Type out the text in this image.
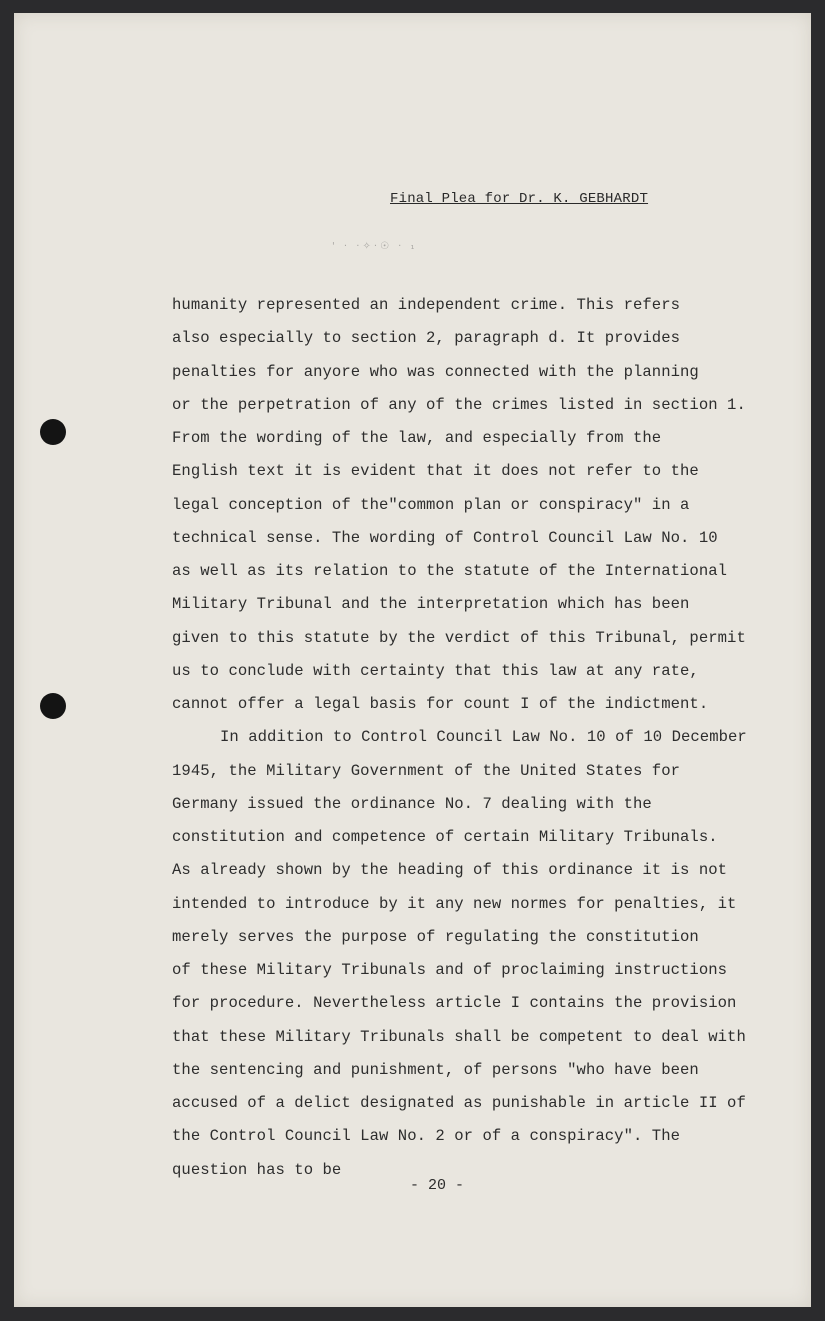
Final Plea for Dr. K. GEBHARDT
' · ·✧·☉ · ₁
humanity represented an independent crime. This refers
also especially to section 2, paragraph d. It provides
penalties for anyore who was connected with the planning
or the perpetration of any of the crimes listed in section 1.
From the wording of the law, and especially from the
English text it is evident that it does not refer to the
legal conception of the"common plan or conspiracy" in a
technical sense. The wording of Control Council Law No. 10
as well as its relation to the statute of the International
Military Tribunal and the interpretation which has been
given to this statute by the verdict of this Tribunal, permit
us to conclude with certainty that this law at any rate,
cannot offer a legal basis for count I of the indictment.
In addition to Control Council Law No. 10 of 10 December
1945, the Military Government of the United States for
Germany issued the ordinance No. 7 dealing with the
constitution and competence of certain Military Tribunals.
As already shown by the heading of this ordinance it is not
intended to introduce by it any new normes for penalties, it
merely serves the purpose of regulating the constitution
of these Military Tribunals and of proclaiming instructions
for procedure. Nevertheless article I contains the provision
that these Military Tribunals shall be competent to deal with
the sentencing and punishment, of persons "who have been
accused of a delict designated as punishable in article II of
the Control Council Law No. 2 or of a conspiracy". The
question has to be
- 20 -
